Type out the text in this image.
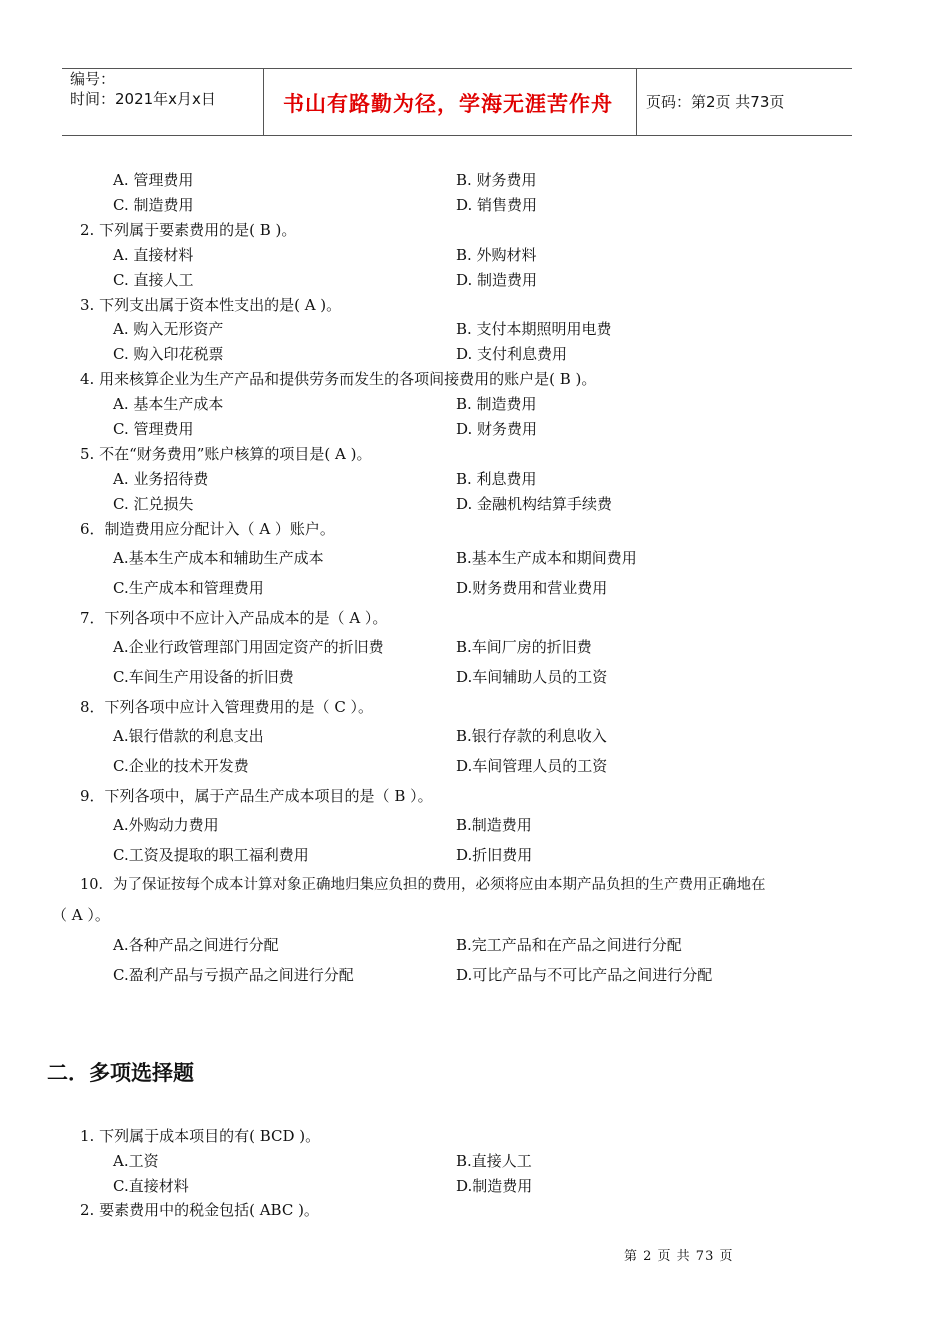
编号：
时间：2021年x月x日	书山有路勤为径，学海无涯苦作舟 页码：第2页 共73页
A. 管理费用	B. 财务费用
C. 制造费用	D. 销售费用
2. 下列属于要素费用的是( B )。
A. 直接材料	B. 外购材料
C. 直接人工	D. 制造费用
3. 下列支出属于资本性支出的是( A )。
A. 购入无形资产	B. 支付本期照明用电费
C. 购入印花税票	D. 支付利息费用
4. 用来核算企业为生产产品和提供劳务而发生的各项间接费用的账户是( B )。
A. 基本生产成本	B. 制造费用
C. 管理费用	D. 财务费用
5. 不在“财务费用”账户核算的项目是( A )。
A. 业务招待费	B. 利息费用
C. 汇兑损失	D. 金融机构结算手续费
6．制造费用应分配计入（ A ）账户。
A.基本生产成本和辅助生产成本	B.基本生产成本和期间费用
C.生产成本和管理费用	D.财务费用和营业费用
7．下列各项中不应计入产品成本的是（ A ）。
A.企业行政管理部门用固定资产的折旧费	B.车间厂房的折旧费
C.车间生产用设备的折旧费	D.车间辅助人员的工资
8．下列各项中应计入管理费用的是（ C ）。
A.银行借款的利息支出	B.银行存款的利息收入
C.企业的技术开发费	D.车间管理人员的工资
9．下列各项中，属于产品生产成本项目的是（ B ）。
A.外购动力费用	B.制造费用
C.工资及提取的职工福利费用	D.折旧费用
10．为了保证按每个成本计算对象正确地归集应负担的费用，必须将应由本期产品负担的生产费用正确地在
（ A ）。
A.各种产品之间进行分配	B.完工产品和在产品之间进行分配
C.盈利产品与亏损产品之间进行分配	D.可比产品与不可比产品之间进行分配
二．多项选择题
1. 下列属于成本项目的有( BCD )。
A.工资	B.直接人工
C.直接材料	D.制造费用
2. 要素费用中的税金包括( ABC )。
第 2 页 共 73 页
